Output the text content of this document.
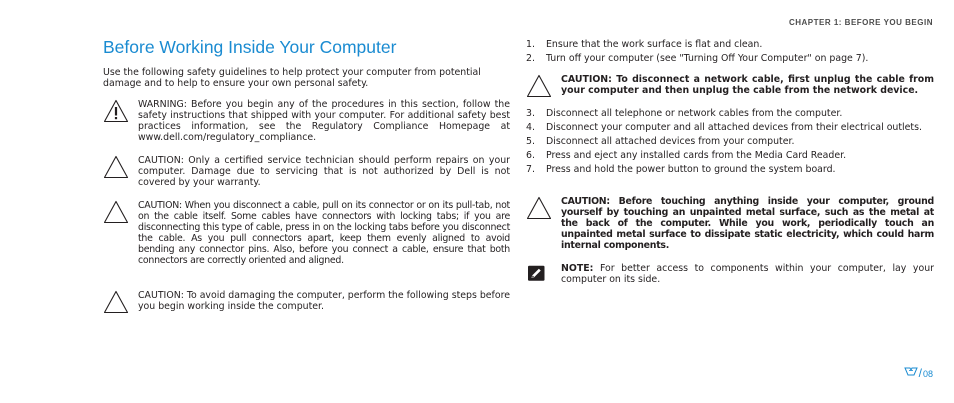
CHAPTER 1: BEFORE YOU BEGIN
Before Working Inside Your Computer

Use the following safety guidelines to help protect your computer from potential damage and to help to ensure your own personal safety.

WARNING: Before you begin any of the procedures in this section, follow the safety instructions that shipped with your computer. For additional safety best practices information, see the Regulatory Compliance Homepage at www.dell.com/regulatory_compliance.

CAUTION: Only a certified service technician should perform repairs on your computer. Damage due to servicing that is not authorized by Dell is not covered by your warranty.

CAUTION: When you disconnect a cable, pull on its connector or on its pull-tab, not on the cable itself. Some cables have connectors with locking tabs; if you are disconnecting this type of cable, press in on the locking tabs before you disconnect the cable. As you pull connectors apart, keep them evenly aligned to avoid bending any connector pins. Also, before you connect a cable, ensure that both connectors are correctly oriented and aligned.

CAUTION: To avoid damaging the computer, perform the following steps before you begin working inside the computer.

1. Ensure that the work surface is flat and clean.
2. Turn off your computer (see "Turning Off Your Computer" on page 7).

CAUTION: To disconnect a network cable, first unplug the cable from your computer and then unplug the cable from the network device.

3. Disconnect all telephone or network cables from the computer.
4. Disconnect your computer and all attached devices from their electrical outlets.
5. Disconnect all attached devices from your computer.
6. Press and eject any installed cards from the Media Card Reader.
7. Press and hold the power button to ground the system board.

CAUTION: Before touching anything inside your computer, ground yourself by touching an unpainted metal surface, such as the metal at the back of the computer. While you work, periodically touch an unpainted metal surface to dissipate static electricity, which could harm internal components.

NOTE: For better access to components within your computer, lay your computer on its side.

/ 08
